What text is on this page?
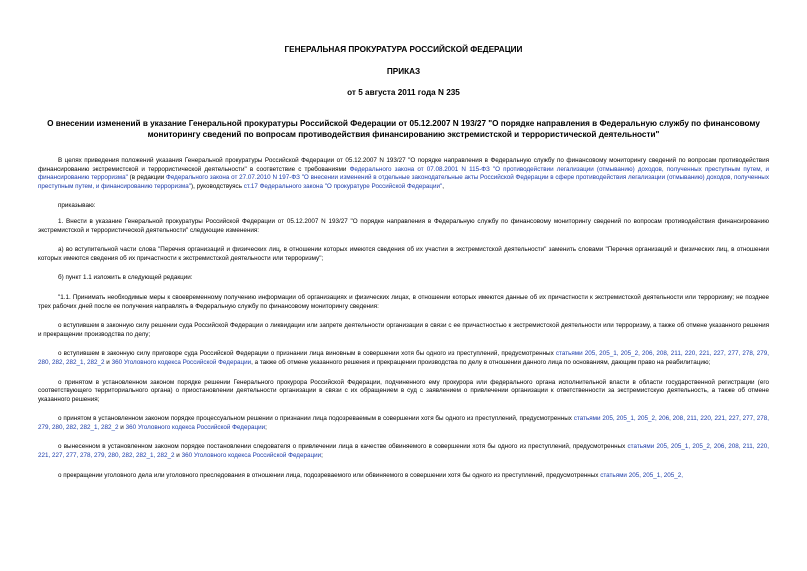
ГЕНЕРАЛЬНАЯ ПРОКУРАТУРА РОССИЙСКОЙ ФЕДЕРАЦИИ
ПРИКАЗ
от 5 августа 2011 года N 235
О внесении изменений в указание Генеральной прокуратуры Российской Федерации от 05.12.2007 N 193/27 "О порядке направления в Федеральную службу по финансовому мониторингу сведений по вопросам противодействия финансированию экстремистской и террористической деятельности"

В целях приведения положений указания Генеральной прокуратуры Российской Федерации от 05.12.2007 N 193/27 "О порядке направления в Федеральную службу по финансовому мониторингу сведений по вопросам противодействия финансированию экстремистской и террористической деятельности" в соответствие с требованиями Федерального закона от 07.08.2001 N 115-ФЗ "О противодействии легализации (отмыванию) доходов, полученных преступным путем, и финансированию терроризма" (в редакции Федерального закона от 27.07.2010 N 197-ФЗ "О внесении изменений в отдельные законодательные акты Российской Федерации в сфере противодействия легализации (отмыванию) доходов, полученных преступным путем, и финансированию терроризма"), руководствуясь ст.17 Федерального закона "О прокуратуре Российской Федерации",

приказываю:

1. Внести в указание Генеральной прокуратуры Российской Федерации от 05.12.2007 N 193/27 "О порядке направления в Федеральную службу по финансовому мониторингу сведений по вопросам противодействия финансированию экстремистской и террористической деятельности" следующие изменения:

а) во вступительной части слова "Перечня организаций и физических лиц, в отношении которых имеются сведения об их участии в экстремистской деятельности" заменить словами "Перечня организаций и физических лиц, в отношении которых имеются сведения об их причастности к экстремистской деятельности или терроризму";

б) пункт 1.1 изложить в следующей редакции:

"1.1. Принимать необходимые меры к своевременному получению информации об организациях и физических лицах, в отношении которых имеются данные об их причастности к экстремистской деятельности или терроризму; не позднее трех рабочих дней после ее получения направлять в Федеральную службу по финансовому мониторингу сведения:

о вступившем в законную силу решении суда Российской Федерации о ликвидации или запрете деятельности организации в связи с ее причастностью к экстремистской деятельности или терроризму, а также об отмене указанного решения и прекращении производства по делу;

о вступившем в законную силу приговоре суда Российской Федерации о признании лица виновным в совершении хотя бы одного из преступлений, предусмотренных статьями 205, 205_1, 205_2, 206, 208, 211, 220, 221, 227, 277, 278, 279, 280, 282, 282_1, 282_2 и 360 Уголовного кодекса Российской Федерации, а также об отмене указанного решения и прекращении производства по делу в отношении данного лица по основаниям, дающим право на реабилитацию;

о принятом в установленном законом порядке решении Генерального прокурора Российской Федерации, подчиненного ему прокурора или федерального органа исполнительной власти в области государственной регистрации (его соответствующего территориального органа) о приостановлении деятельности организации в связи с их обращением в суд с заявлением о привлечении организации к ответственности за экстремистскую деятельность, а также об отмене указанного решения;

о принятом в установленном законом порядке процессуальном решении о признании лица подозреваемым в совершении хотя бы одного из преступлений, предусмотренных статьями 205, 205_1, 205_2, 206, 208, 211, 220, 221, 227, 277, 278, 279, 280, 282, 282_1, 282_2 и 360 Уголовного кодекса Российской Федерации;

о вынесенном в установленном законом порядке постановлении следователя о привлечении лица в качестве обвиняемого в совершении хотя бы одного из преступлений, предусмотренных статьями 205, 205_1, 205_2, 206, 208, 211, 220, 221, 227, 277, 278, 279, 280, 282, 282_1, 282_2 и 360 Уголовного кодекса Российской Федерации;

о прекращении уголовного дела или уголовного преследования в отношении лица, подозреваемого или обвиняемого в совершении хотя бы одного из преступлений, предусмотренных статьями 205, 205_1, 205_2,
